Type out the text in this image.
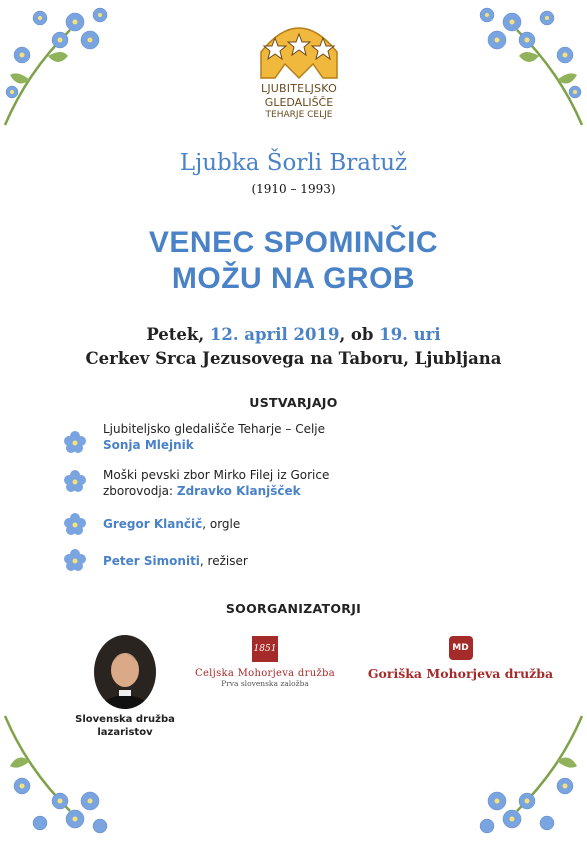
LJUBITELJSKO
GLEDALIŠČE
TEHARJE CELJE
Ljubka Šorli Bratuž
(1910 – 1993)
VENEC SPOMINČIC
MOŽU NA GROB
Petek, 12. april 2019, ob 19. uri
Cerkev Srca Jezusovega na Taboru, Ljubljana
USTVARJAJO
Ljubiteljsko gledališče Teharje – Celje
Sonja Mlejnik
Moški pevski zbor Mirko Filej iz Gorice
zborovodja: Zdravko Klanjšček
Gregor Klančič, orgle
Peter Simoniti, režiser
SOORGANIZATORJI
Slovenska družba
lazaristov
1851
Celjska Mohorjeva družba
Prva slovenska založba
MD
Goriška Mohorjeva družba
